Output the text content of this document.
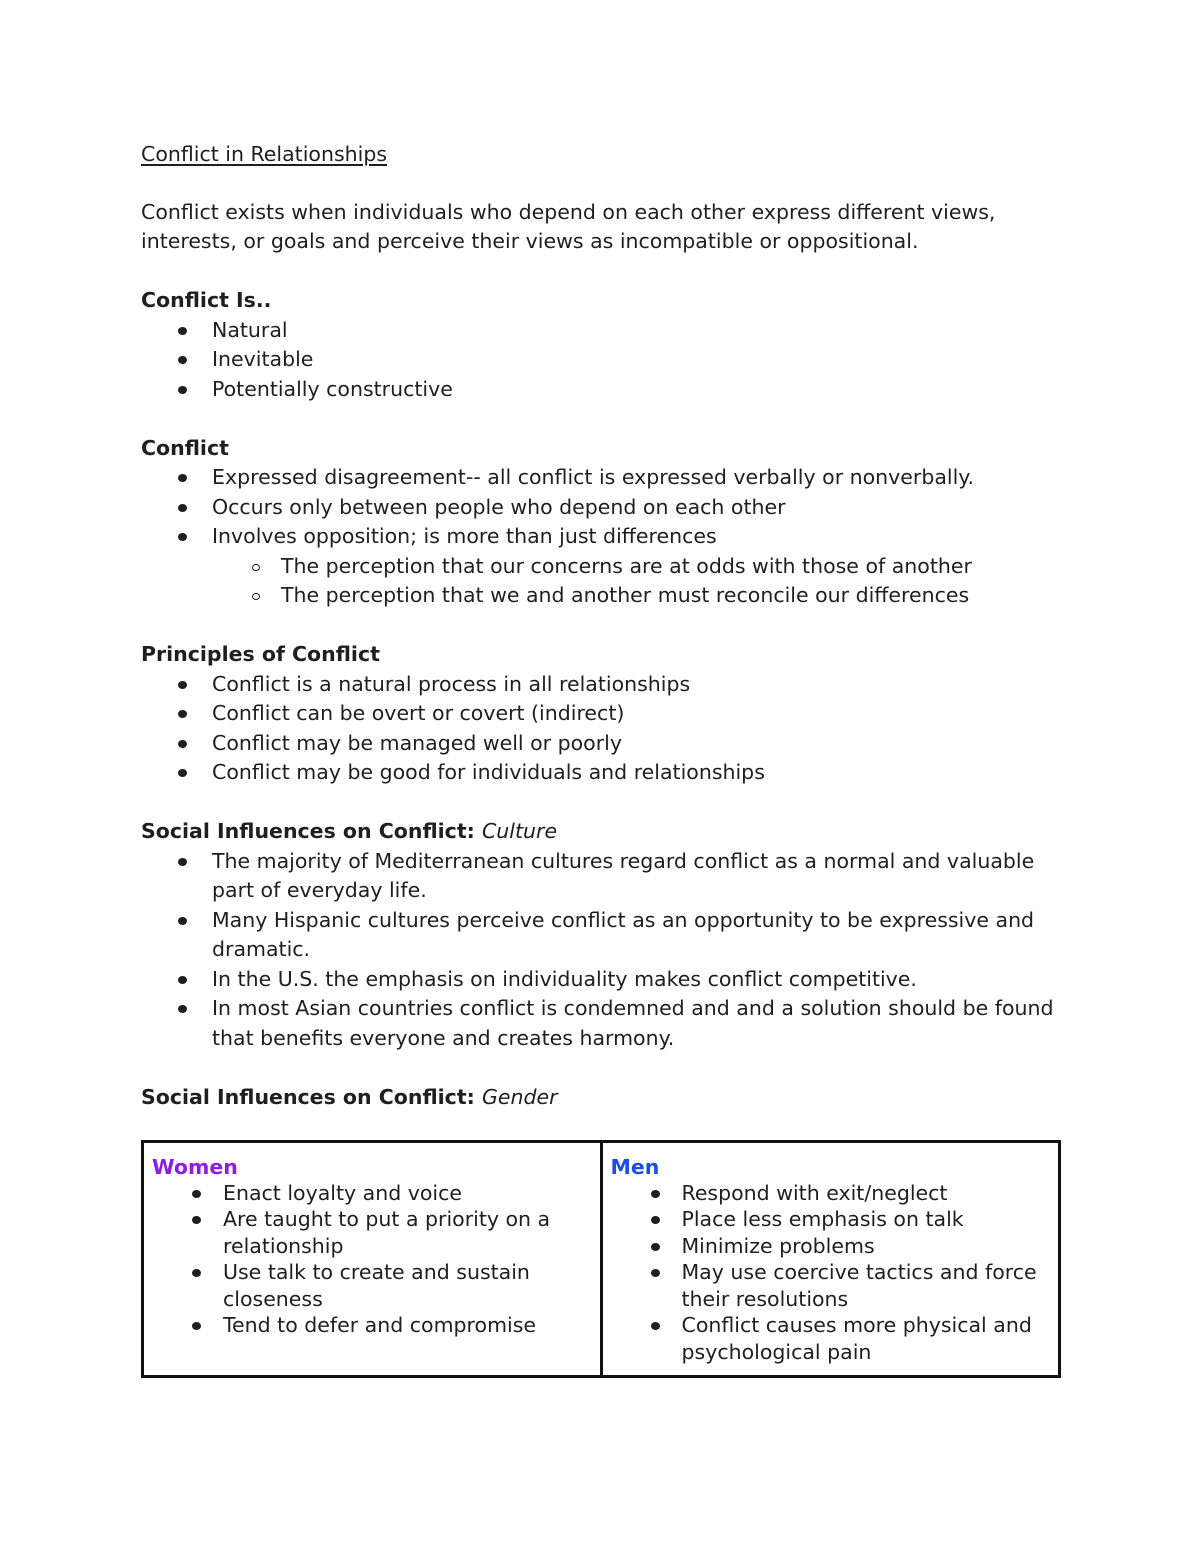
Conflict in Relationships

Conflict exists when individuals who depend on each other express different views, interests, or goals and perceive their views as incompatible or oppositional.

Conflict Is..

Natural
Inevitable
Potentially constructive

Conflict

Expressed disagreement-- all conflict is expressed verbally or nonverbally.
Occurs only between people who depend on each other
Involves opposition; is more than just differences
The perception that our concerns are at odds with those of another
The perception that we and another must reconcile our differences

Principles of Conflict

Conflict is a natural process in all relationships
Conflict can be overt or covert (indirect)
Conflict may be managed well or poorly
Conflict may be good for individuals and relationships

Social Influences on Conflict: Culture

The majority of Mediterranean cultures regard conflict as a normal and valuable part of everyday life.
Many Hispanic cultures perceive conflict as an opportunity to be expressive and dramatic.
In the U.S. the emphasis on individuality makes conflict competitive.
In most Asian countries conflict is condemned and and a solution should be found that benefits everyone and creates harmony.

Social Influences on Conflict: Gender

Women

Enact loyalty and voice
Are taught to put a priority on a relationship
Use talk to create and sustain closeness
Tend to defer and compromise

Men

Respond with exit/neglect
Place less emphasis on talk
Minimize problems
May use coercive tactics and force their resolutions
Conflict causes more physical and psychological pain
